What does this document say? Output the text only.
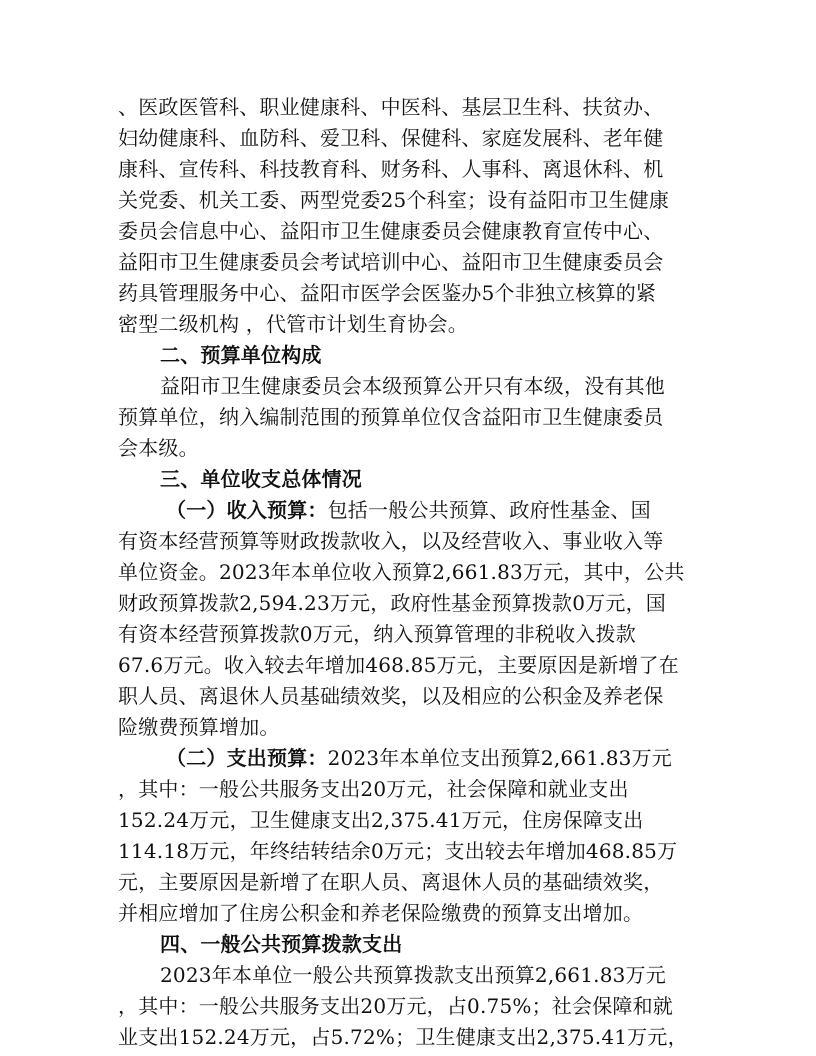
、医政医管科、职业健康科、中医科、基层卫生科、扶贫办、
妇幼健康科、血防科、爱卫科、保健科、家庭发展科、老年健
康科、宣传科、科技教育科、财务科、人事科、离退休科、机
关党委、机关工委、两型党委25个科室；设有益阳市卫生健康
委员会信息中心、益阳市卫生健康委员会健康教育宣传中心、
益阳市卫生健康委员会考试培训中心、益阳市卫生健康委员会
药具管理服务中心、益阳市医学会医鉴办5个非独立核算的紧
密型二级机构 ，代管市计划生育协会。
二、预算单位构成
益阳市卫生健康委员会本级预算公开只有本级，没有其他
预算单位，纳入编制范围的预算单位仅含益阳市卫生健康委员
会本级。
三、单位收支总体情况
（一）收入预算：包括一般公共预算、政府性基金、国
有资本经营预算等财政拨款收入，以及经营收入、事业收入等
单位资金。2023年本单位收入预算2,661.83万元，其中，公共
财政预算拨款2,594.23万元，政府性基金预算拨款0万元，国
有资本经营预算拨款0万元，纳入预算管理的非税收入拨款
67.6万元。收入较去年增加468.85万元，主要原因是新增了在
职人员、离退休人员基础绩效奖，以及相应的公积金及养老保
险缴费预算增加。
（二）支出预算：2023年本单位支出预算2,661.83万元
，其中：一般公共服务支出20万元，社会保障和就业支出
152.24万元，卫生健康支出2,375.41万元，住房保障支出
114.18万元，年终结转结余0万元；支出较去年增加468.85万
元，主要原因是新增了在职人员、离退休人员的基础绩效奖，
并相应增加了住房公积金和养老保险缴费的预算支出增加。
四、一般公共预算拨款支出
2023年本单位一般公共预算拨款支出预算2,661.83万元
，其中：一般公共服务支出20万元，占0.75%；社会保障和就
业支出152.24万元，占5.72%；卫生健康支出2,375.41万元，
